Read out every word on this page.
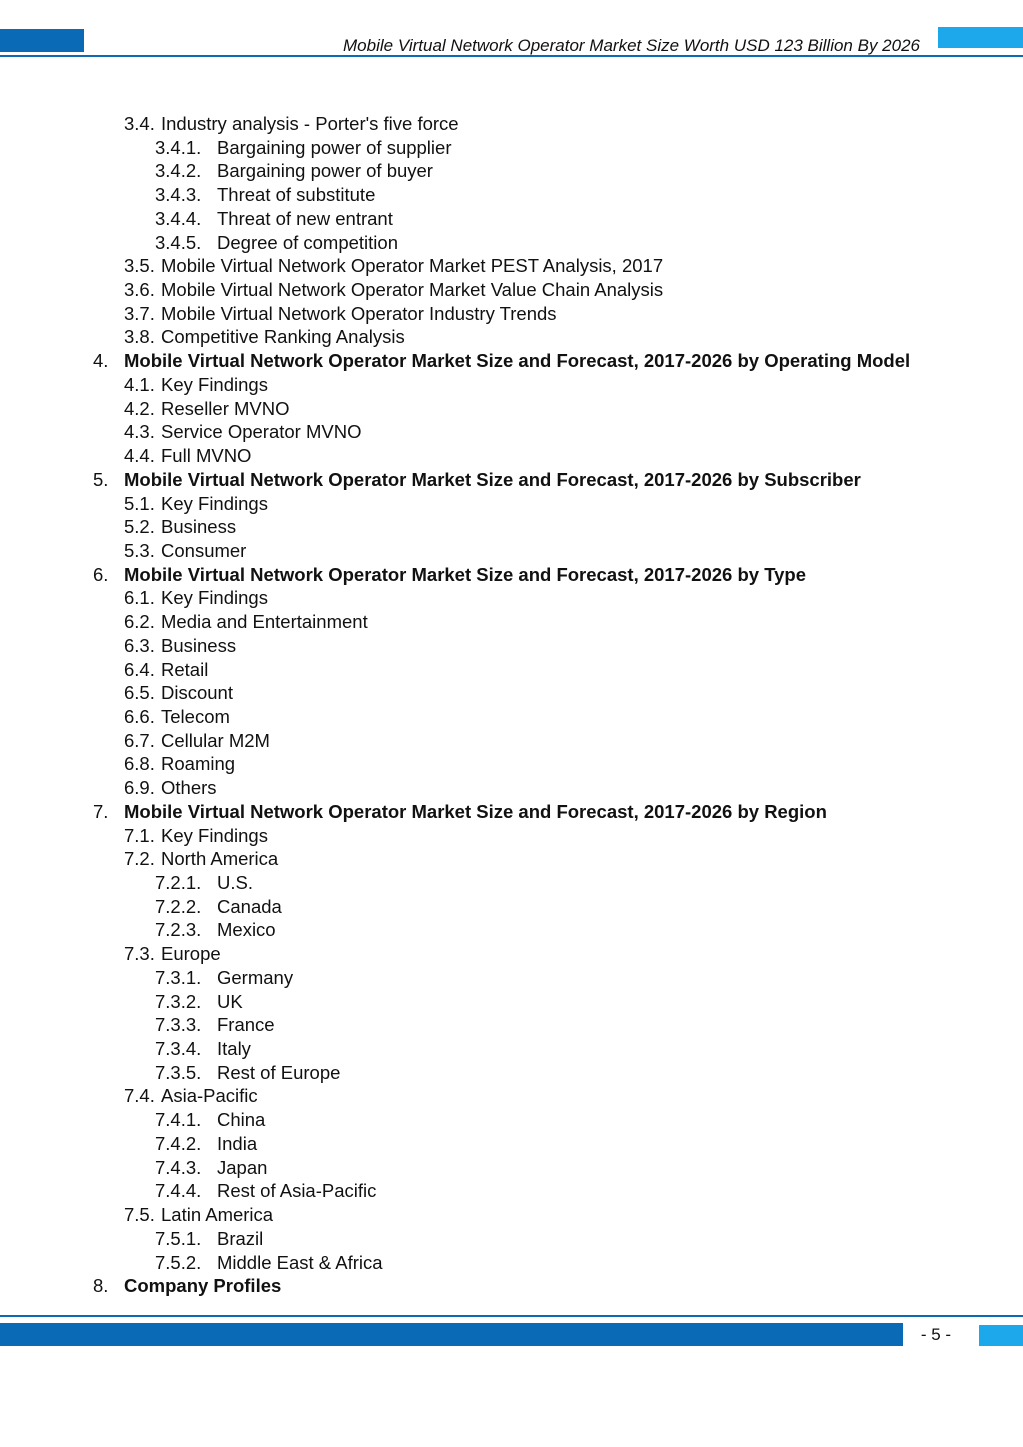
Mobile Virtual Network Operator Market Size Worth USD 123 Billion By 2026
3.4. Industry analysis - Porter's five force
3.4.1. Bargaining power of supplier
3.4.2. Bargaining power of buyer
3.4.3. Threat of substitute
3.4.4. Threat of new entrant
3.4.5. Degree of competition
3.5. Mobile Virtual Network Operator Market PEST Analysis, 2017
3.6. Mobile Virtual Network Operator Market Value Chain Analysis
3.7. Mobile Virtual Network Operator Industry Trends
3.8. Competitive Ranking Analysis
4. Mobile Virtual Network Operator Market Size and Forecast, 2017-2026 by Operating Model
4.1. Key Findings
4.2. Reseller MVNO
4.3. Service Operator MVNO
4.4. Full MVNO
5. Mobile Virtual Network Operator Market Size and Forecast, 2017-2026 by Subscriber
5.1. Key Findings
5.2. Business
5.3. Consumer
6. Mobile Virtual Network Operator Market Size and Forecast, 2017-2026 by Type
6.1. Key Findings
6.2. Media and Entertainment
6.3. Business
6.4. Retail
6.5. Discount
6.6. Telecom
6.7. Cellular M2M
6.8. Roaming
6.9. Others
7. Mobile Virtual Network Operator Market Size and Forecast, 2017-2026 by Region
7.1. Key Findings
7.2. North America
7.2.1. U.S.
7.2.2. Canada
7.2.3. Mexico
7.3. Europe
7.3.1. Germany
7.3.2. UK
7.3.3. France
7.3.4. Italy
7.3.5. Rest of Europe
7.4. Asia-Pacific
7.4.1. China
7.4.2. India
7.4.3. Japan
7.4.4. Rest of Asia-Pacific
7.5. Latin America
7.5.1. Brazil
7.5.2. Middle East & Africa
8. Company Profiles
- 5 -
